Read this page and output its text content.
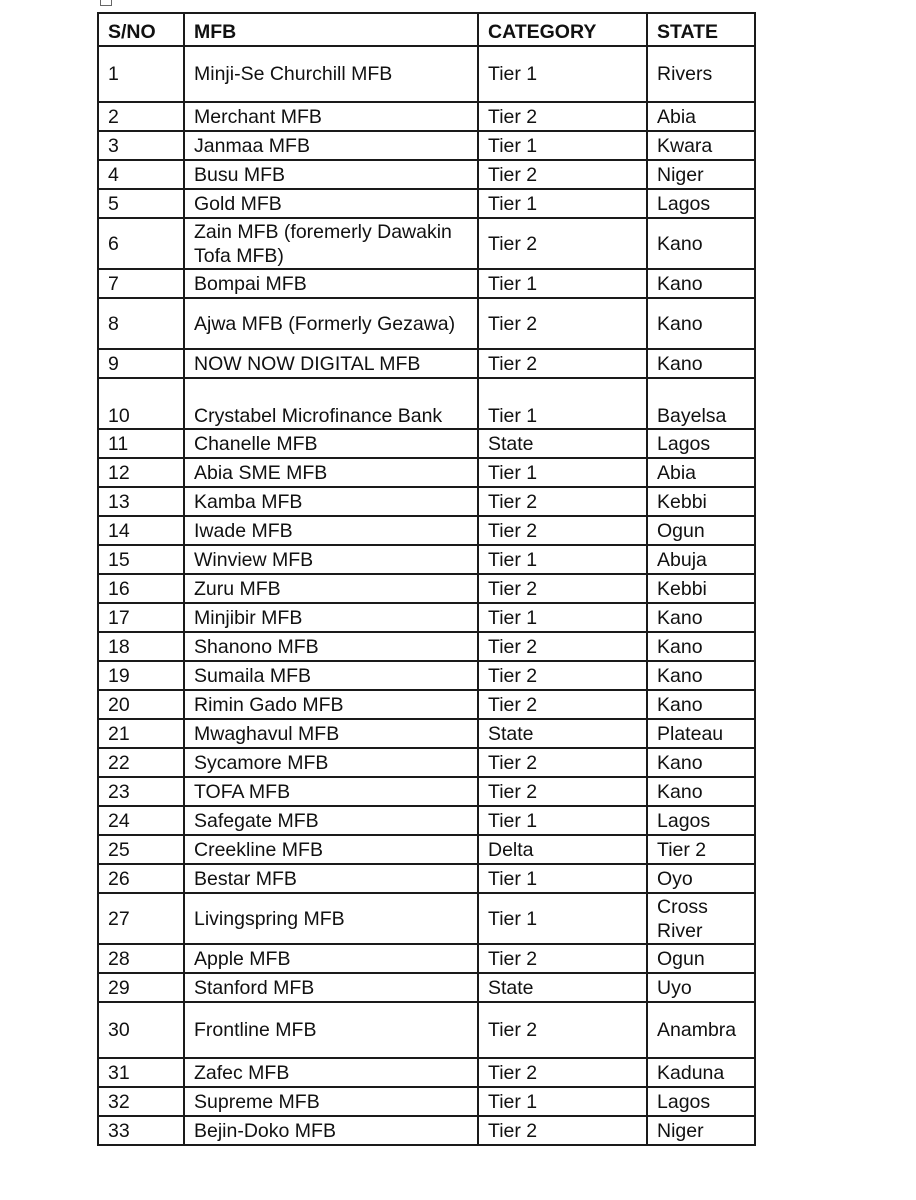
S/NO	MFB	CATEGORY	STATE
1	Minji-Se Churchill MFB	Tier 1	Rivers
2	Merchant MFB	Tier 2	Abia
3	Janmaa MFB	Tier 1	Kwara
4	Busu MFB	Tier 2	Niger
5	Gold MFB	Tier 1	Lagos
6	Zain MFB (foremerly Dawakin Tofa MFB)	Tier 2	Kano
7	Bompai MFB	Tier 1	Kano
8	Ajwa MFB (Formerly Gezawa)	Tier 2	Kano
9	NOW NOW DIGITAL MFB	Tier 2	Kano
10	Crystabel Microfinance Bank	Tier 1	Bayelsa
11	Chanelle MFB	State	Lagos
12	Abia SME MFB	Tier 1	Abia
13	Kamba MFB	Tier 2	Kebbi
14	Iwade MFB	Tier 2	Ogun
15	Winview MFB	Tier 1	Abuja
16	Zuru MFB	Tier 2	Kebbi
17	Minjibir MFB	Tier 1	Kano
18	Shanono MFB	Tier 2	Kano
19	Sumaila MFB	Tier 2	Kano
20	Rimin Gado MFB	Tier 2	Kano
21	Mwaghavul MFB	State	Plateau
22	Sycamore MFB	Tier 2	Kano
23	TOFA MFB	Tier 2	Kano
24	Safegate MFB	Tier 1	Lagos
25	Creekline MFB	Delta	Tier 2
26	Bestar MFB	Tier 1	Oyo
27	Livingspring MFB	Tier 1	Cross River
28	Apple MFB	Tier 2	Ogun
29	Stanford MFB	State	Uyo
30	Frontline MFB	Tier 2	Anambra
31	Zafec MFB	Tier 2	Kaduna
32	Supreme MFB	Tier 1	Lagos
33	Bejin-Doko MFB	Tier 2	Niger
